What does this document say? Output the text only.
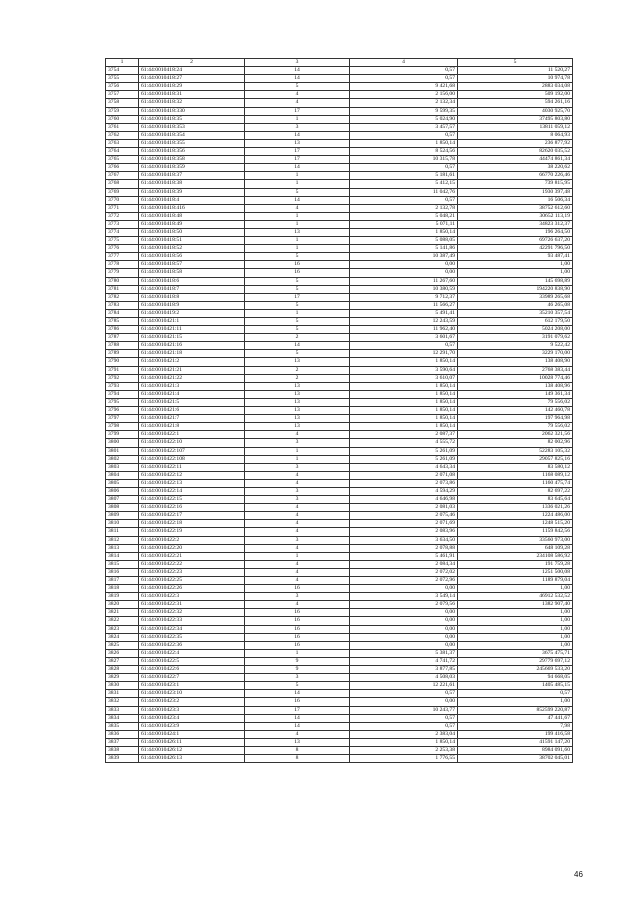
1	2	3	4	5
3754	61:44:0010418:24	14	0,57	11 520,27
3755	61:44:0010418:27	14	0,57	10 974,78
3756	61:44:0010418:29	5	9 421,68	2883 034,08
3757	61:44:0010418:31	4	2 156,00	509 192,00
3758	61:44:0010418:32	4	2 132,34	594 261,16
3759	61:44:0010418:330	17	9 599,35	4030 925,70
3760	61:44:0010418:35	1	5 024,90	37495 803,80
3761	61:44:0010418:353	3	3 457,57	13811 059,12
3762	61:44:0010418:354	14	0,57	8 064,93
3763	61:44:0010418:355	13	1 850,14	236 877,92
3764	61:44:0010418:356	17	8 524,56	82620 035,52
3765	61:44:0010418:358	17	10 315,78	44474 861,34
3766	61:44:0010418:359	14	0,57	38 220,62
3767	61:44:0010418:37	1	5 181,61	66770 226,46
3768	61:44:0010418:38	1	5 412,15	739 815,95
3769	61:44:0010418:39	5	11 042,76	1930 397,48
3770	61:44:0010418:4	14	0,57	16 506,34
3771	61:44:0010418:416	4	2 132,78	38752 612,60
3772	61:44:0010418:48	1	5 048,21	30652 113,19
3773	61:44:0010418:49	1	5 071,11	34823 312,37
3774	61:44:0010418:50	13	1 850,14	196 264,50
3775	61:44:0010418:51	1	5 088,05	69726 637,20
3776	61:44:0010418:52	1	5 141,86	42291 796,50
3777	61:44:0010418:56	5	10 387,49	93 487,41
3778	61:44:0010418:57	16	0,00	1,00
3779	61:44:0010418:58	16	0,00	1,00
3780	61:44:0010418:6	5	11 267,60	145 698,89
3781	61:44:0010418:7	5	10 380,59	194220 838,90
3782	61:44:0010418:8	17	9 712,37	33989 265,68
3783	61:44:0010418:9	5	11 566,27	46 265,08
3784	61:44:0010419:2	1	5 491,41	35210 357,54
3785	61:44:0010421:1	5	12 243,59	612 179,50
3786	61:44:0010421:11	5	11 962,40	5024 208,00
3787	61:44:0010421:15	2	3 601,67	3191 079,62
3788	61:44:0010421:16	14	0,57	9 522,42
3789	61:44:0010421:18	5	12 291,70	3229 170,00
3790	61:44:0010421:2	13	1 850,14	138 408,90
3791	61:44:0010421:21	2	3 590,64	2768 383,44
3792	61:44:0010421:22	2	3 610,07	10028 774,46
3793	61:44:0010421:3	13	1 850,14	138 408,96
3794	61:44:0010421:4	13	1 850,14	149 361,34
3795	61:44:0010421:5	13	1 850,14	79 556,02
3796	61:44:0010421:6	13	1 850,14	142 460,78
3797	61:44:0010421:7	13	1 850,14	197 964,98
3798	61:44:0010421:8	13	1 850,14	79 556,02
3799	61:44:0010422:1	4	2 087,37	2062 321,56
3800	61:44:0010422:10	3	4 555,72	82 002,96
3801	61:44:0010422:107	1	5 261,09	52283 105,32
3802	61:44:0010422:108	1	5 261,09	29057 825,16
3803	61:44:0010422:11	3	4 643,34	83 580,12
3804	61:44:0010422:12	4	2 071,08	1168 089,12
3805	61:44:0010422:13	4	2 073,86	1160 475,74
3806	61:44:0010422:14	3	4 594,29	82 697,22
3807	61:44:0010422:15	3	4 646,98	83 645,64
3808	61:44:0010422:16	4	2 081,03	1336 021,26
3809	61:44:0010422:17	4	2 075,46	1224 486,00
3810	61:44:0010422:18	4	2 071,69	1248 515,20
3811	61:44:0010422:19	4	2 083,96	1159 842,56
3812	61:44:0010422:2	3	3 634,50	33560 973,00
3813	61:44:0010422:20	4	2 078,88	648 109,28
3814	61:44:0010422:21	1	5 461,91	234108 586,92
3815	61:44:0010422:22	4	2 084,34	191 759,28
3816	61:44:0010422:23	4	2 072,02	1251 500,08
3817	61:44:0010422:25	4	2 072,96	1189 879,04
3818	61:44:0010422:26	16	0,00	1,00
3819	61:44:0010422:3	3	3 549,14	46912 532,52
3820	61:44:0010422:31	4	2 079,56	1382 907,40
3821	61:44:0010422:32	16	0,00	1,00
3822	61:44:0010422:33	16	0,00	1,00
3823	61:44:0010422:34	16	0,00	1,00
3824	61:44:0010422:35	16	0,00	1,00
3825	61:44:0010422:36	16	0,00	1,00
3826	61:44:0010422:4	1	5 381,37	3675 475,71
3827	61:44:0010422:5	9	4 741,72	29779 697,12
3828	61:44:0010422:6	9	3 877,85	245669 533,20
3829	61:44:0010422:7	3	4 508,03	94 668,05
3830	61:44:0010423:1	5	12 221,61	1405 485,15
3831	61:44:0010423:10	14	0,57	0,57
3832	61:44:0010423:2	16	0,00	1,00
3833	61:44:0010423:3	17	10 243,77	852599 220,87
3834	61:44:0010423:4	14	0,57	47 441,67
3835	61:44:0010423:9	14	0,57	7,98
3836	61:44:0010424:1	4	2 383,04	199 416,58
3837	61:44:0010426:11	13	1 850,14	41591 147,20
3838	61:44:0010426:12	8	2 253,38	8984 091,60
3839	61:44:0010426:13	8	1 776,55	38702 045,01
46
